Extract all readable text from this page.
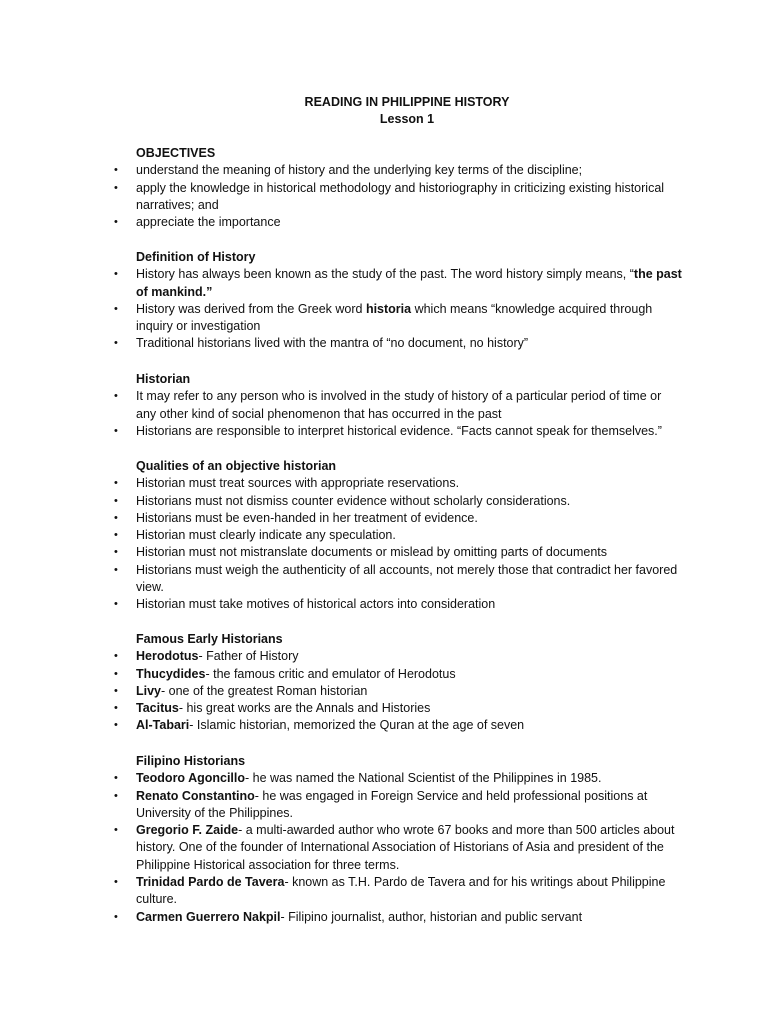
READING IN PHILIPPINE HISTORY
Lesson 1
OBJECTIVES
• understand the meaning of history and the underlying key terms of the discipline;
• apply the knowledge in historical methodology and historiography in criticizing existing historical narratives; and
• appreciate the importance
Definition of History
• History has always been known as the study of the past. The word history simply means, “the past of mankind.”
• History was derived from the Greek word historia which means “knowledge acquired through inquiry or investigation
• Traditional historians lived with the mantra of “no document, no history”
Historian
• It may refer to any person who is involved in the study of history of a particular period of time or any other kind of social phenomenon that has occurred in the past
• Historians are responsible to interpret historical evidence. “Facts cannot speak for themselves.”
Qualities of an objective historian
• Historian must treat sources with appropriate reservations.
• Historians must not dismiss counter evidence without scholarly considerations.
• Historians must be even-handed in her treatment of evidence.
• Historian must clearly indicate any speculation.
• Historian must not mistranslate documents or mislead by omitting parts of documents
• Historians must weigh the authenticity of all accounts, not merely those that contradict her favored view.
• Historian must take motives of historical actors into consideration
Famous Early Historians
• Herodotus- Father of History
• Thucydides- the famous critic and emulator of Herodotus
• Livy- one of the greatest Roman historian
• Tacitus- his great works are the Annals and Histories
• Al-Tabari- Islamic historian, memorized the Quran at the age of seven
Filipino Historians
• Teodoro Agoncillo- he was named the National Scientist of the Philippines in 1985.
• Renato Constantino- he was engaged in Foreign Service and held professional positions at University of the Philippines.
• Gregorio F. Zaide- a multi-awarded author who wrote 67 books and more than 500 articles about history. One of the founder of International Association of Historians of Asia and president of the Philippine Historical association for three terms.
• Trinidad Pardo de Tavera- known as T.H. Pardo de Tavera and for his writings about Philippine culture.
• Carmen Guerrero Nakpil- Filipino journalist, author, historian and public servant
